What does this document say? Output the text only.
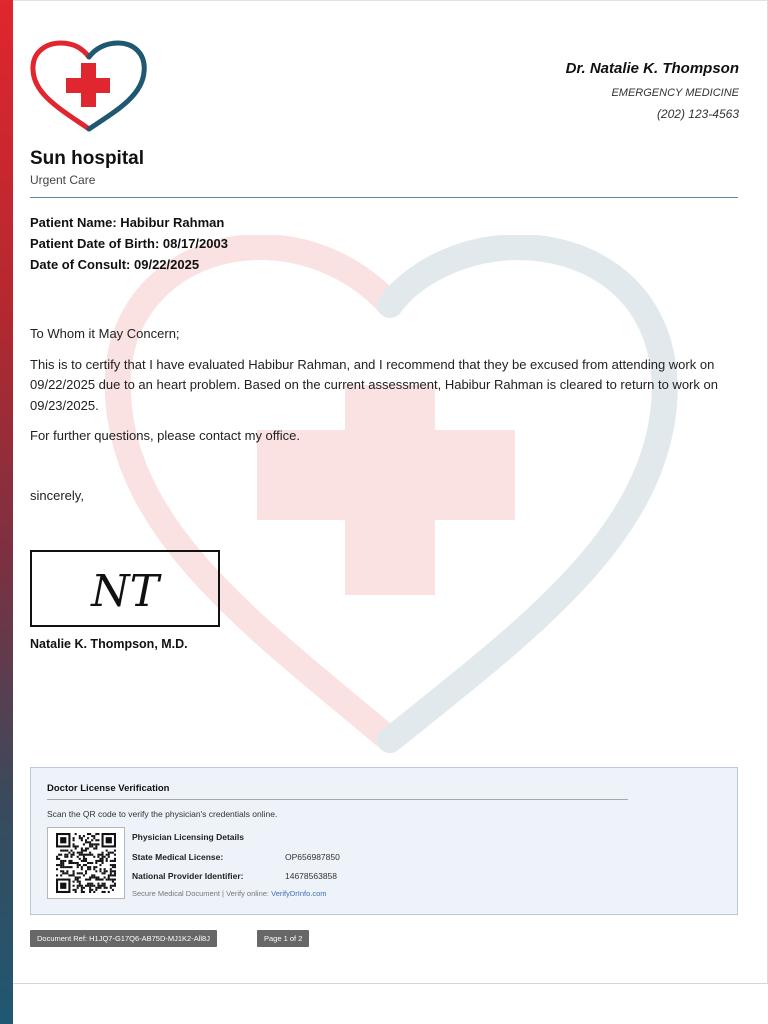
Dr. Natalie K. Thompson
EMERGENCY MEDICINE
(202) 123-4563
Sun hospital
Urgent Care
Patient Name: Habibur Rahman
Patient Date of Birth: 08/17/2003
Date of Consult: 09/22/2025

To Whom it May Concern;

This is to certify that I have evaluated Habibur Rahman, and I recommend that they be excused from attending work on 09/22/2025 due to an heart problem. Based on the current assessment, Habibur Rahman is cleared to return to work on 09/23/2025.

For further questions, please contact my office.

sincerely,
NT
Natalie K. Thompson, M.D.
Doctor License Verification
Scan the QR code to verify the physician's credentials online.
Physician Licensing Details
State Medical License:	OP656987850
National Provider Identifier:	14678563858
Secure Medical Document | Verify online: VerifyDrInfo.com
Document Ref: H1JQ7-G17Q6-AB75D-MJ1K2-All8J	Page 1 of 2
